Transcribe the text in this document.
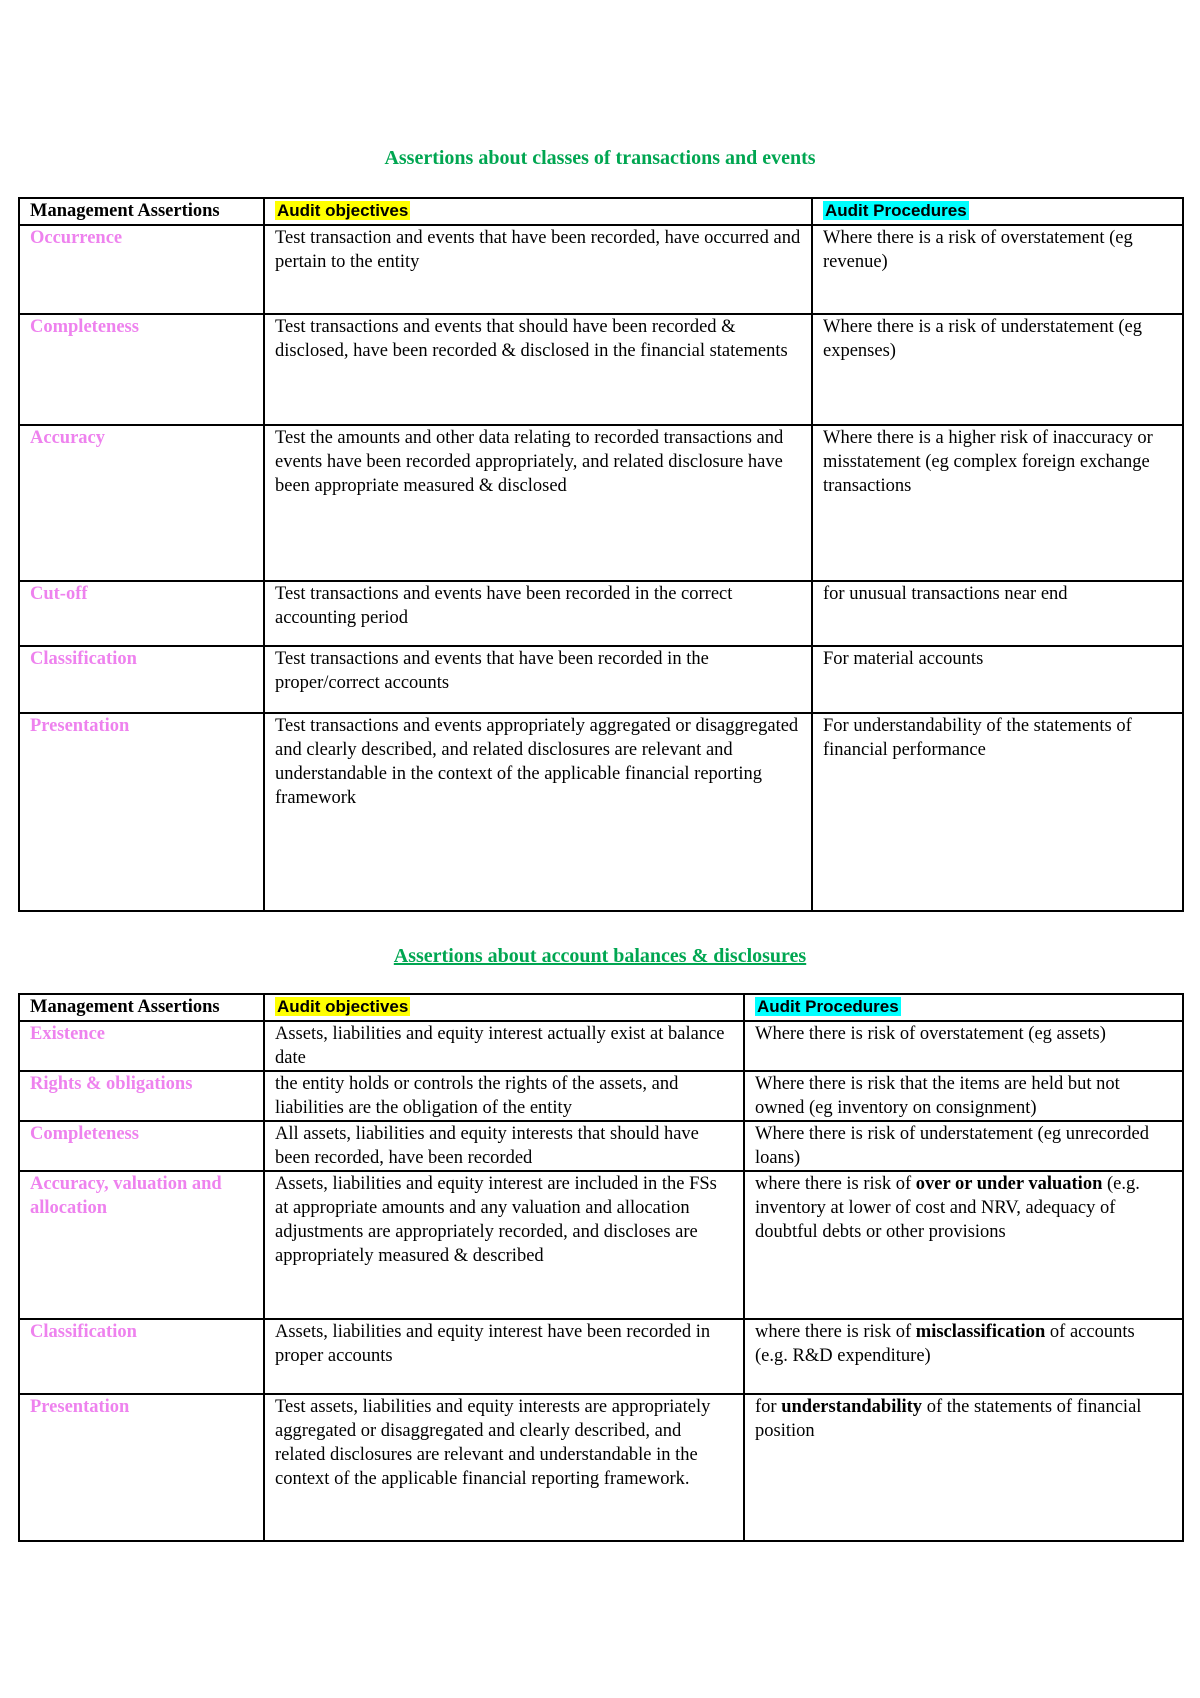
Assertions about classes of transactions and events
Management Assertions	Audit objectives	Audit Procedures
Occurrence	Test transaction and events that have been recorded, have occurred and pertain to the entity	Where there is a risk of overstatement (eg revenue)
Completeness	Test transactions and events that should have been recorded & disclosed, have been recorded & disclosed in the financial statements	Where there is a risk of understatement (eg expenses)
Accuracy	Test the amounts and other data relating to recorded transactions and events have been recorded appropriately, and related disclosure have been appropriate measured & disclosed	Where there is a higher risk of inaccuracy or misstatement (eg complex foreign exchange transactions
Cut-off	Test transactions and events have been recorded in the correct accounting period	for unusual transactions near end
Classification	Test transactions and events that have been recorded in the proper/correct accounts	For material accounts
Presentation	Test transactions and events appropriately aggregated or disaggregated and clearly described, and related disclosures are relevant and understandable in the context of the applicable financial reporting framework	For understandability of the statements of financial performance
Assertions about account balances & disclosures
Management Assertions	Audit objectives	Audit Procedures
Existence	Assets, liabilities and equity interest actually exist at balance date	Where there is risk of overstatement (eg assets)
Rights & obligations	the entity holds or controls the rights of the assets, and liabilities are the obligation of the entity	Where there is risk that the items are held but not owned (eg inventory on consignment)
Completeness	All assets, liabilities and equity interests that should have been recorded, have been recorded	Where there is risk of understatement (eg unrecorded loans)
Accuracy, valuation and allocation	Assets, liabilities and equity interest are included in the FSs at appropriate amounts and any valuation and allocation adjustments are appropriately recorded, and discloses are appropriately measured & described	where there is risk of over or under valuation (e.g. inventory at lower of cost and NRV, adequacy of doubtful debts or other provisions
Classification	Assets, liabilities and equity interest have been recorded in proper accounts	where there is risk of misclassification of accounts (e.g. R&D expenditure)
Presentation	Test assets, liabilities and equity interests are appropriately aggregated or disaggregated and clearly described, and related disclosures are relevant and understandable in the context of the applicable financial reporting framework.	for understandability of the statements of financial position
